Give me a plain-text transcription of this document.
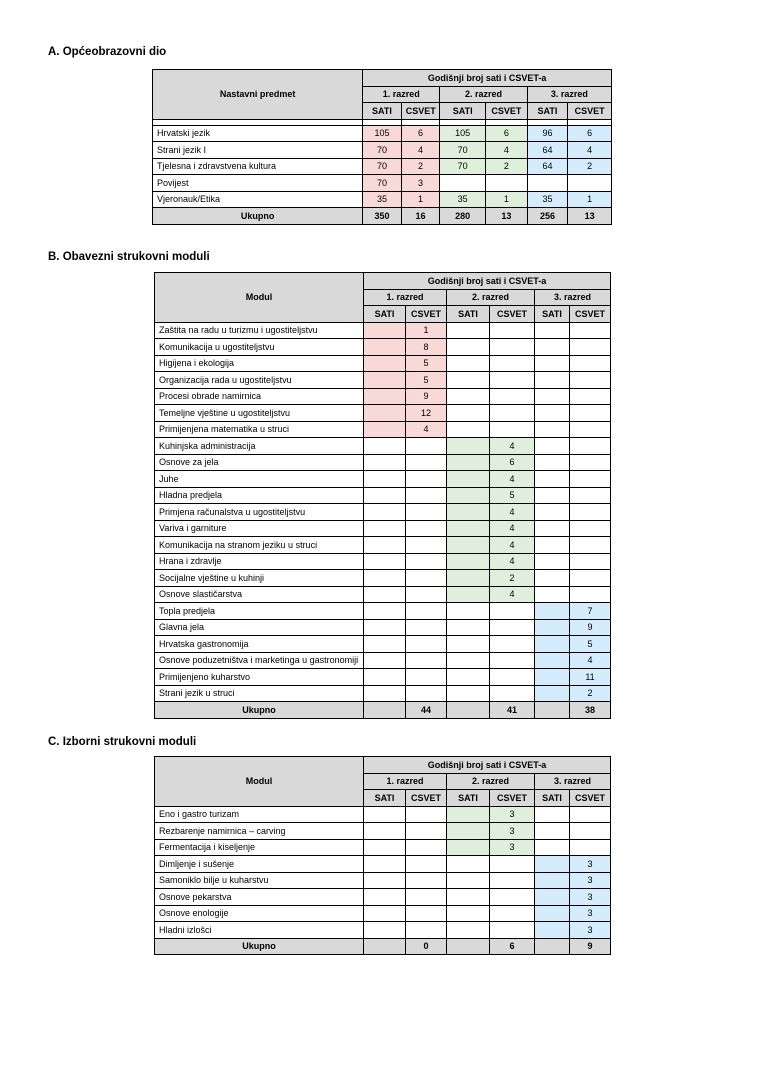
A. Općeobrazovni dio
Nastavni predmet	Godišnji broj sati i CSVET-a					
	1. razred		2. razred		3. razred	
	SATI	CSVET	SATI	CSVET	SATI	CSVET

Hrvatski jezik	105	6	105	6	96	6
Strani jezik I	70	4	70	4	64	4
Tjelesna i zdravstvena kultura	70	2	70	2	64	2
Povijest	70	3				
Vjeronauk/Etika	35	1	35	1	35	1
Ukupno	350	16	280	13	256	13
B. Obavezni strukovni moduli
Modul	Godišnji broj sati i CSVET-a					
	1. razred		2. razred		3. razred	
	SATI	CSVET	SATI	CSVET	SATI	CSVET
Zaštita na radu u turizmu i ugostiteljstvu		1				
Komunikacija u ugostiteljstvu		8				
Higijena i ekologija		5				
Organizacija rada u ugostiteljstvu		5				
Procesi obrade namirnica		9				
Temeljne vještine u ugostiteljstvu		12				
Primijenjena matematika u struci		4				
Kuhinjska administracija				4		
Osnove za jela				6		
Juhe				4		
Hladna predjela				5		
Primjena računalstva u ugostiteljstvu				4		
Variva i garniture				4		
Komunikacija na stranom jeziku u struci				4		
Hrana i zdravlje				4		
Socijalne vještine u kuhinji				2		
Osnove slastičarstva				4		
Topla predjela						7
Glavna jela						9
Hrvatska gastronomija						5
Osnove poduzetništva i marketinga u gastronomiji						4
Primijenjeno kuharstvo						11
Strani jezik u struci						2
Ukupno		44		41		38
C. Izborni strukovni moduli
Modul	Godišnji broj sati i CSVET-a					
	1. razred		2. razred		3. razred	
	SATI	CSVET	SATI	CSVET	SATI	CSVET
Eno i gastro turizam				3		
Rezbarenje namirnica – carving				3		
Fermentacija i kiseljenje				3		
Dimljenje i sušenje						3
Samoniklo bilje u kuharstvu						3
Osnove pekarstva						3
Osnove enologije						3
Hladni izlošci						3
Ukupno		0		6		9
